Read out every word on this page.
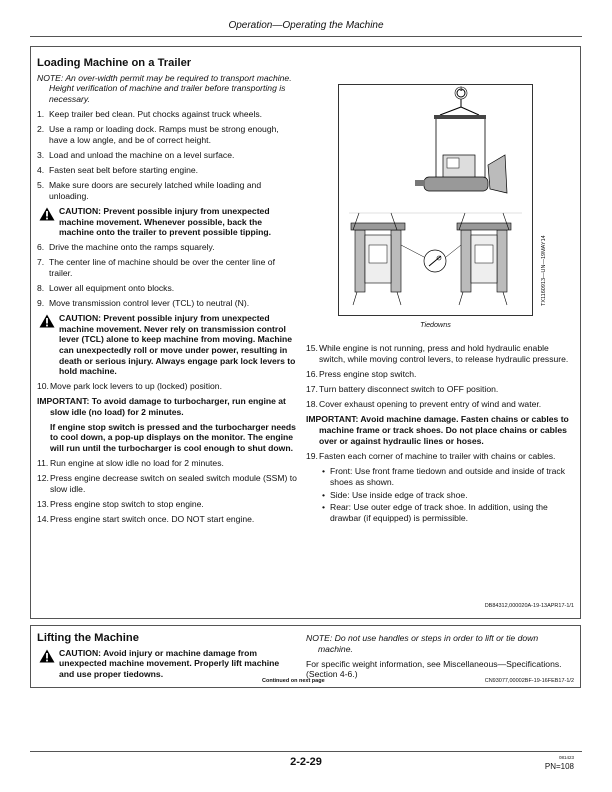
Operation—Operating the Machine
Loading Machine on a Trailer

NOTE: An over-width permit may be required to transport machine. Height verification of machine and trailer before transporting is necessary.

1. Keep trailer bed clean. Put chocks against truck wheels.

2. Use a ramp or loading dock. Ramps must be strong enough, have a low angle, and be of correct height.

3. Load and unload the machine on a level surface.

4. Fasten seat belt before starting engine.

5. Make sure doors are securely latched while loading and unloading.

CAUTION: Prevent possible injury from unexpected machine movement. Whenever possible, back the machine onto the trailer to prevent possible tipping.

6. Drive the machine onto the ramps squarely.

7. The center line of machine should be over the center line of trailer.

8. Lower all equipment onto blocks.

9. Move transmission control lever (TCL) to neutral (N).

CAUTION: Prevent possible injury from unexpected machine movement. Never rely on transmission control lever (TCL) alone to keep machine from moving. Machine can unexpectedly roll or move under power, resulting in death or serious injury. Always engage park lock levers to hold machine.

10. Move park lock levers to up (locked) position.

IMPORTANT: To avoid damage to turbocharger, run engine at slow idle (no load) for 2 minutes.

If engine stop switch is pressed and the turbocharger needs to cool down, a pop-up displays on the monitor. The engine will run until the turbocharger is cool enough to shut down.

11. Run engine at slow idle no load for 2 minutes.

12. Press engine decrease switch on sealed switch module (SSM) to slow idle.

13. Press engine stop switch to stop engine.

14. Press engine start switch once. DO NOT start engine.

1
TX1160913—UN—19MAY14
Tiedowns

15. While engine is not running, press and hold hydraulic enable switch, while moving control levers, to release hydraulic pressure.

16. Press engine stop switch.

17. Turn battery disconnect switch to OFF position.

18. Cover exhaust opening to prevent entry of wind and water.

IMPORTANT: Avoid machine damage. Fasten chains or cables to machine frame or track shoes. Do not place chains or cables over or against hydraulic lines or hoses.

19. Fasten each corner of machine to trailer with chains or cables.

• Front: Use front frame tiedown and outside and inside of track shoes as shown.
• Side: Use inside edge of track shoe.
• Rear: Use outer edge of track shoe. In addition, using the drawbar (if equipped) is permissible.
DB84312,000020A-19-13APR17-1/1
Lifting the Machine
CAUTION: Avoid injury or machine damage from unexpected machine movement. Properly lift machine and use proper tiedowns.

NOTE: Do not use handles or steps in order to lift or tie down machine.

For specific weight information, see Miscellaneous—Specifications. (Section 4-6.)

Continued on next page	CN93077,00002BF-19-16FEB17-1/2
2-2-29	081423
PN=108
